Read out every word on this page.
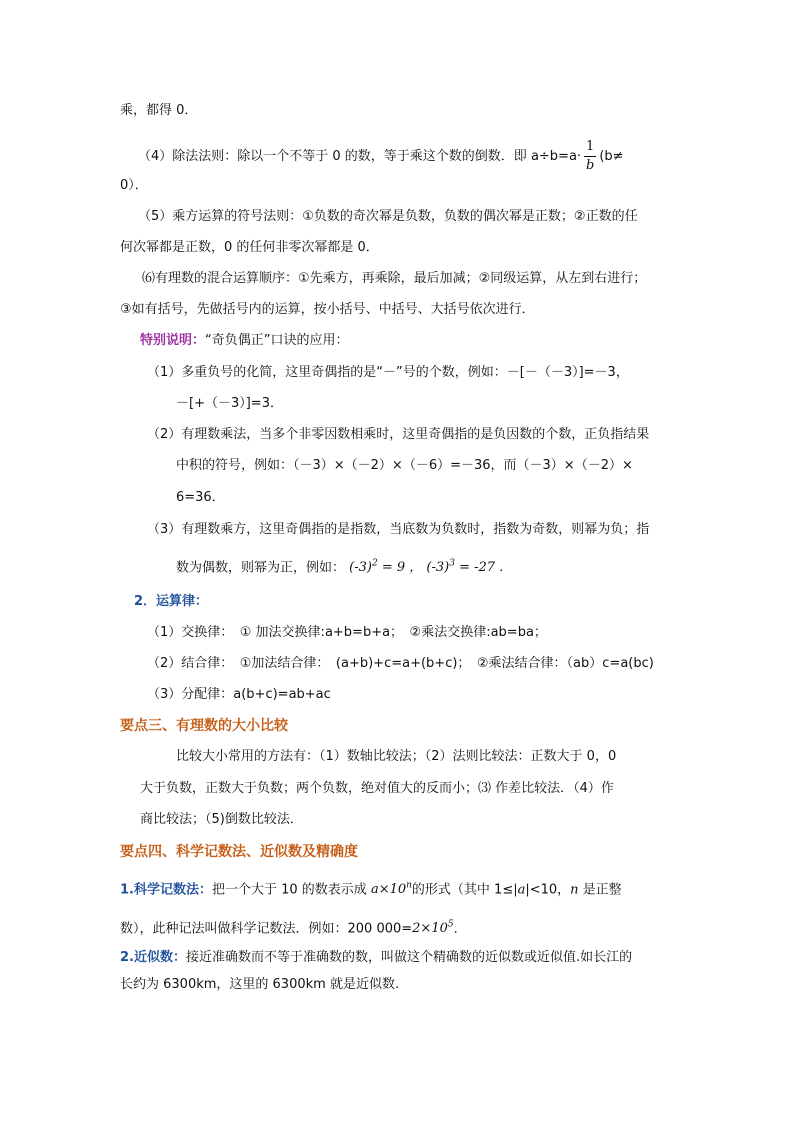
乘，都得 0．
（4）除法法则：除以一个不等于 0 的数，等于乘这个数的倒数．即 $a\div b=a\cdot \frac{1}{b} (b\ne$
0）．
（5）乘方运算的符号法则：①负数的奇次幂是负数，负数的偶次幂是正数；②正数的任
何次幂都是正数，0 的任何非零次幂都是 0．
⑹有理数的混合运算顺序：①先乘方，再乘除，最后加减；②同级运算，从左到右进行；
③如有括号，先做括号内的运算，按小括号、中括号、大括号依次进行．
特别说明：“奇负偶正”口诀的应用：
（1）多重负号的化简，这里奇偶指的是“－”号的个数，例如：－[－（－3）]=－3，
－[+（－3）]=3．
（2）有理数乘法，当多个非零因数相乘时，这里奇偶指的是负因数的个数，正负指结果
中积的符号，例如：（－3）×（－2）×（－6）=－36，而（－3）×（－2）×
6=36．
（3）有理数乘方，这里奇偶指的是指数，当底数为负数时，指数为奇数，则幂为负；指
数为偶数，则幂为正，例如： $(-3)^2 = 9$ ， $(-3)^3 = -27$ ．
2．运算律：
（1）交换律：　① 加法交换律:a+b=b+a；　②乘法交换律:ab=ba；
（2）结合律：　①加法结合律：　(a+b)+c=a+(b+c)；　②乘法结合律：（ab）c=a(bc)
（3）分配律：a(b+c)=ab+ac
要点三、有理数的大小比较
比较大小常用的方法有：（1）数轴比较法；（2）法则比较法：正数大于 0，0
大于负数，正数大于负数；两个负数，绝对值大的反而小；⑶ 作差比较法．（4）作
商比较法；（5)倒数比较法．
要点四、科学记数法、近似数及精确度
1.科学记数法：把一个大于 10 的数表示成 $a\times 10^n$的形式（其中 1≤|a|<10，n 是正整
数），此种记法叫做科学记数法．例如：200 $000=2\times 10^5$．
2.近似数：接近准确数而不等于准确数的数，叫做这个精确数的近似数或近似值.如长江的
长约为 6300km，这里的 6300km 就是近似数.
